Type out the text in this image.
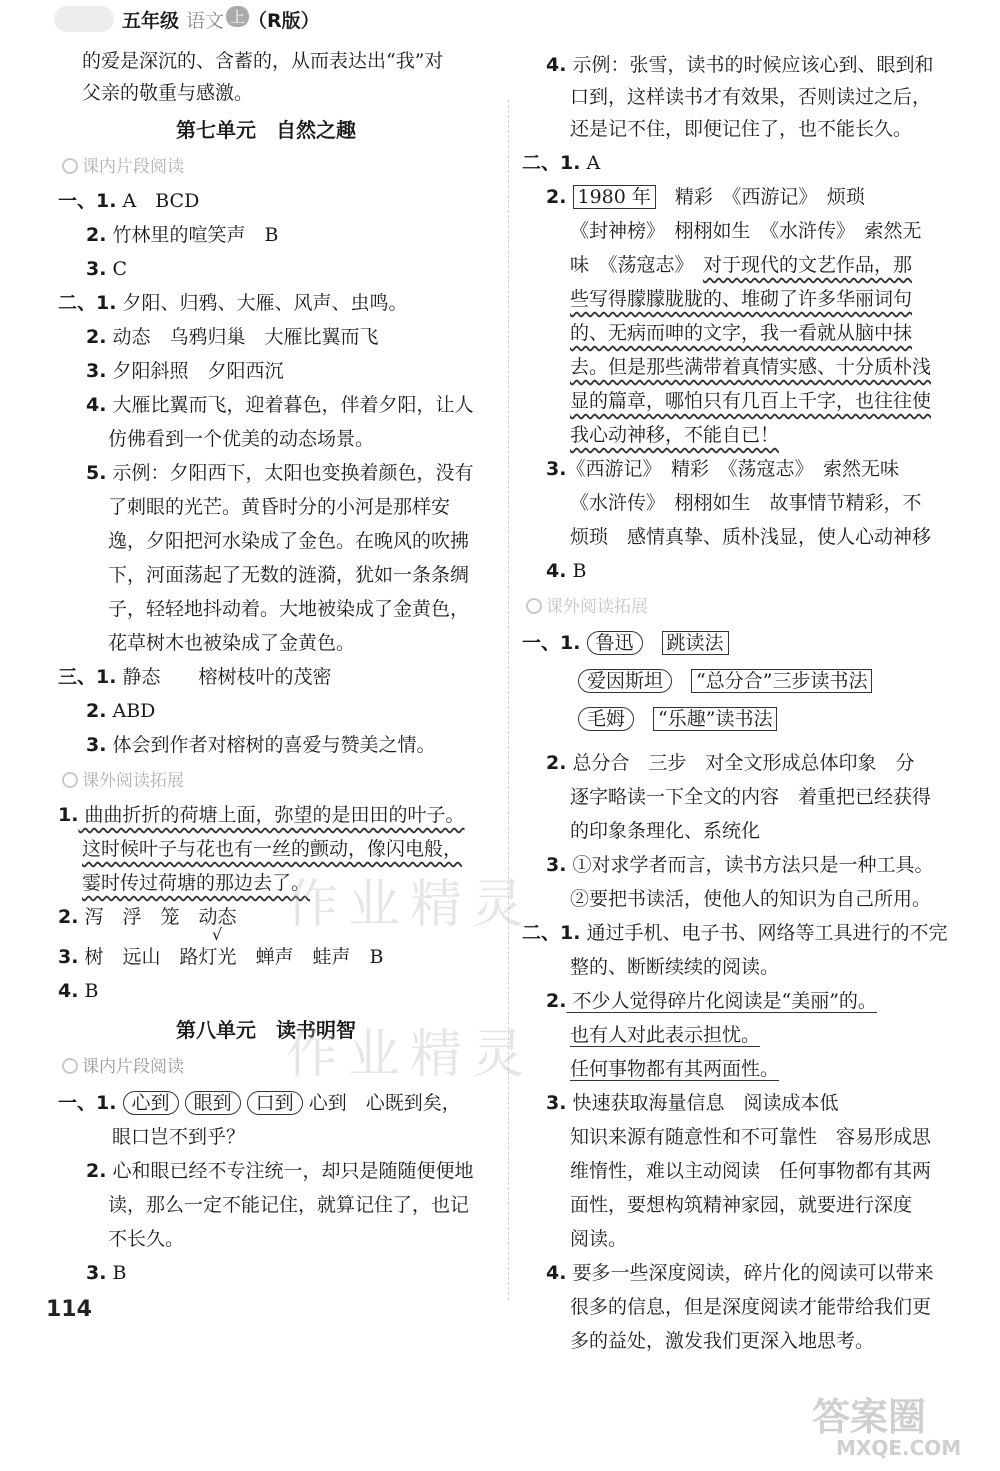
五年级 语文 上 （R版）
的爱是深沉的、含蓄的，从而表达出“我”对
父亲的敬重与感激。
第七单元　自然之趣
课内片段阅读
一、1. A　BCD
2. 竹林里的喧笑声　B
3. C
二、1. 夕阳、归鸦、大雁、风声、虫鸣。
2. 动态　乌鸦归巢　大雁比翼而飞
3. 夕阳斜照　夕阳西沉
4. 大雁比翼而飞，迎着暮色，伴着夕阳，让人
仿佛看到一个优美的动态场景。
5. 示例：夕阳西下，太阳也变换着颜色，没有
了刺眼的光芒。黄昏时分的小河是那样安
逸，夕阳把河水染成了金色。在晚风的吹拂
下，河面荡起了无数的涟漪，犹如一条条绸
子，轻轻地抖动着。大地被染成了金黄色，
花草树木也被染成了金黄色。
三、1. 静态　　榕树枝叶的茂密
2. ABD
3. 体会到作者对榕树的喜爱与赞美之情。
课外阅读拓展
1. 曲曲折折的荷塘上面，弥望的是田田的叶子。
这时候叶子与花也有一丝的颤动，像闪电般，
霎时传过荷塘的那边去了。
2. 泻　浮　笼　动态
√
3. 树　远山　路灯光　蝉声　蛙声　B
4. B
第八单元　读书明智
课内片段阅读
一、1. 心到 眼到 口到 心到　心既到矣，
眼口岂不到乎？
2. 心和眼已经不专注统一，却只是随随便便地
读，那么一定不能记住，就算记住了，也记
不长久。
3. B
114
4. 示例：张雪，读书的时候应该心到、眼到和
口到，这样读书才有效果，否则读过之后，
还是记不住，即便记住了，也不能长久。
二、1. A
2. 1980 年　 精彩　《西游记》　烦琐
《封神榜》　栩栩如生　《水浒传》　索然无
味　《荡寇志》　 对于现代的文艺作品，那
些写得朦朦胧胧的、堆砌了许多华丽词句
的、无病而呻的文字，我一看就从脑中抹
去。但是那些满带着真情实感、十分质朴浅
显的篇章，哪怕只有几百上千字，也往往使
我心动神移，不能自已！
3.《西游记》　精彩　《荡寇志》　索然无味
《水浒传》　栩栩如生　故事情节精彩，不
烦琐　感情真挚、质朴浅显，使人心动神移
4. B
课外阅读拓展
一、1. 鲁迅　 跳读法
爱因斯坦　 “总分合”三步读书法
毛姆　 “乐趣”读书法
2. 总分合　三步　对全文形成总体印象　分
逐字略读一下全文的内容　着重把已经获得
的印象条理化、系统化
3. ①对求学者而言，读书方法只是一种工具。
②要把书读活，使他人的知识为自己所用。
二、1. 通过手机、电子书、网络等工具进行的不完
整的、断断续续的阅读。
2. 不少人觉得碎片化阅读是“美丽”的。
也有人对此表示担忧。
任何事物都有其两面性。
3. 快速获取海量信息　阅读成本低
知识来源有随意性和不可靠性　容易形成思
维惰性，难以主动阅读　任何事物都有其两
面性，要想构筑精神家园，就要进行深度
阅读。
4. 要多一些深度阅读，碎片化的阅读可以带来
很多的信息，但是深度阅读才能带给我们更
多的益处，激发我们更深入地思考。
作业精灵
作业精灵
答案圈
MXQE.COM
